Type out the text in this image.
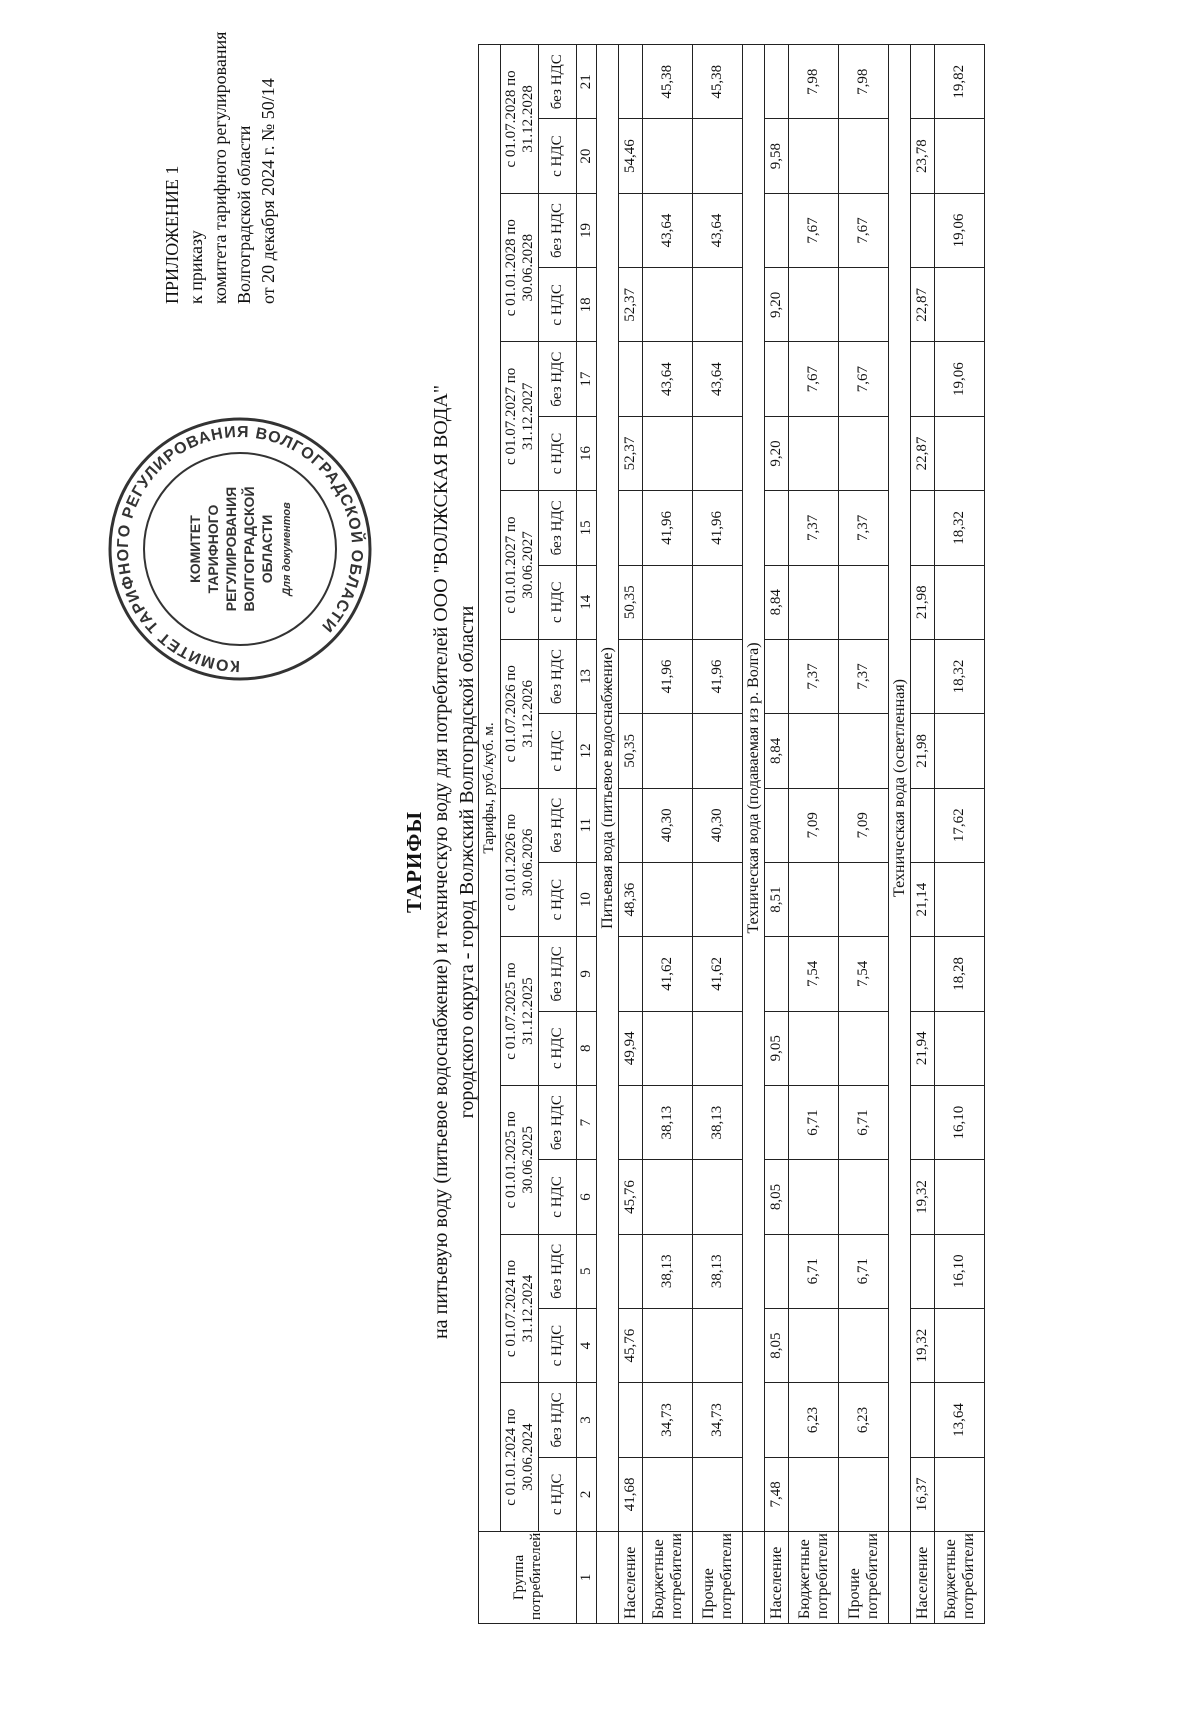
ПРИЛОЖЕНИЕ 1 к приказу комитета тарифного регулирования Волгоградской области от 20 декабря 2024 г. № 50/14
КОМИТЕТ ТАРИФНОГО РЕГУЛИРОВАНИЯ ВОЛГОГРАДСКОЙ ОБЛАСТИ
КОМИТЕТ ТАРИФНОГО РЕГУЛИРОВАНИЯ ВОЛГОГРАДСКОЙ ОБЛАСТИ Для документов
ТАРИФЫ на питьевую воду (питьевое водоснабжение) и техническую воду для потребителей ООО "ВОЛЖСКАЯ ВОДА" городского округа - город Волжский Волгоградской области
Группа потребителей	Тарифы, руб./куб. м.																			
	с 01.01.2024 по 30.06.2024		с 01.07.2024 по 31.12.2024		с 01.01.2025 по 30.06.2025		с 01.07.2025 по 31.12.2025		с 01.01.2026 по 30.06.2026		с 01.07.2026 по 31.12.2026		с 01.01.2027 по 30.06.2027		с 01.07.2027 по 31.12.2027		с 01.01.2028 по 30.06.2028		с 01.07.2028 по 31.12.2028	
	с НДС	без НДС	с НДС	без НДС	с НДС	без НДС	с НДС	без НДС	с НДС	без НДС	с НДС	без НДС	с НДС	без НДС	с НДС	без НДС	с НДС	без НДС	с НДС	без НДС
1	2	3	4	5	6	7	8	9	10	11	12	13	14	15	16	17	18	19	20	21
	Питьевая вода (питьевое водоснабжение)																			
Население	41,68		45,76		45,76		49,94		48,36		50,35		50,35		52,37		52,37		54,46	
Бюджетные потребители		34,73		38,13		38,13		41,62		40,30		41,96		41,96		43,64		43,64		45,38
Прочие потребители		34,73		38,13		38,13		41,62		40,30		41,96		41,96		43,64		43,64		45,38
	Техническая вода (подаваемая из р. Волга)																			
Население	7,48		8,05		8,05		9,05		8,51		8,84		8,84		9,20		9,20		9,58	
Бюджетные потребители		6,23		6,71		6,71		7,54		7,09		7,37		7,37		7,67		7,67		7,98
Прочие потребители		6,23		6,71		6,71		7,54		7,09		7,37		7,37		7,67		7,67		7,98
	Техническая вода (осветленная)																			
Население	16,37		19,32		19,32		21,94		21,14		21,98		21,98		22,87		22,87		23,78	
Бюджетные потребители		13,64		16,10		16,10		18,28		17,62		18,32		18,32		19,06		19,06		19,82
